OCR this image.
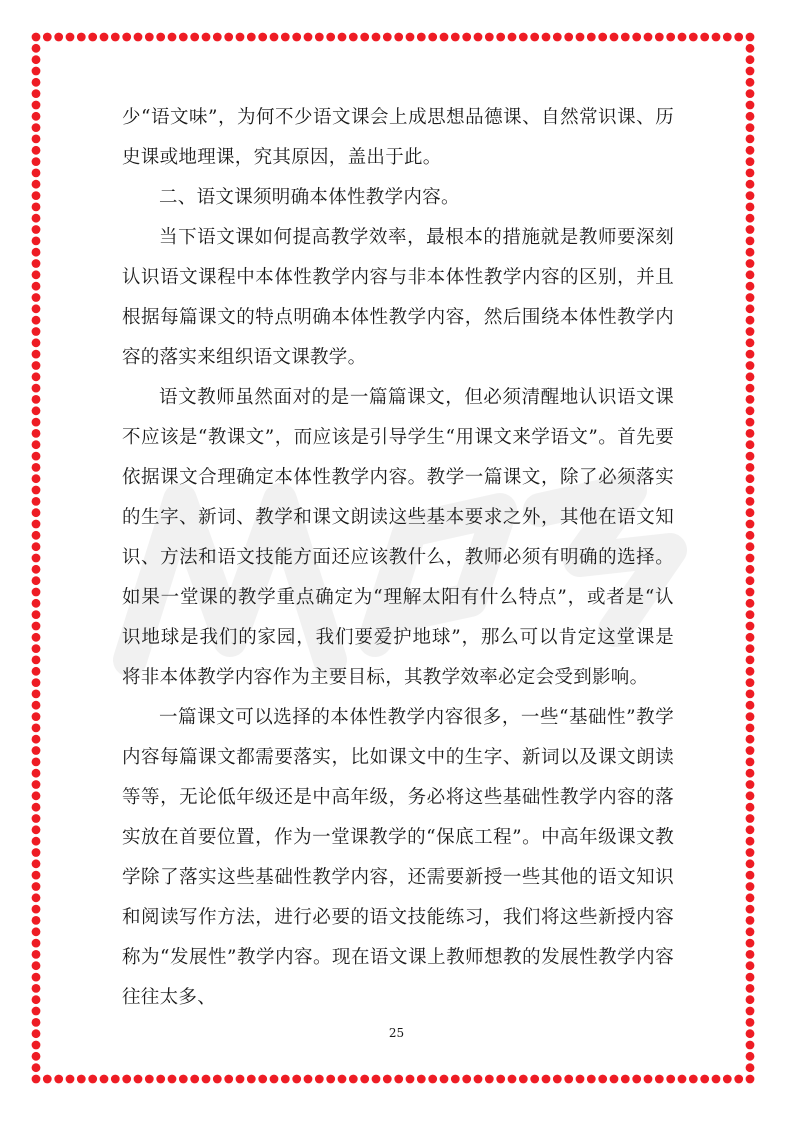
少“语文味”，为何不少语文课会上成思想品德课、自然常识课、历史课或地理课，究其原因，盖出于此。

二、语文课须明确本体性教学内容。

当下语文课如何提高教学效率，最根本的措施就是教师要深刻认识语文课程中本体性教学内容与非本体性教学内容的区别，并且根据每篇课文的特点明确本体性教学内容，然后围绕本体性教学内容的落实来组织语文课教学。

语文教师虽然面对的是一篇篇课文，但必须清醒地认识语文课不应该是“教课文”，而应该是引导学生“用课文来学语文”。首先要依据课文合理确定本体性教学内容。教学一篇课文，除了必须落实的生字、新词、教学和课文朗读这些基本要求之外，其他在语文知识、方法和语文技能方面还应该教什么，教师必须有明确的选择。如果一堂课的教学重点确定为“理解太阳有什么特点”，或者是“认识地球是我们的家园，我们要爱护地球”，那么可以肯定这堂课是将非本体教学内容作为主要目标，其教学效率必定会受到影响。

一篇课文可以选择的本体性教学内容很多，一些“基础性”教学内容每篇课文都需要落实，比如课文中的生字、新词以及课文朗读等等，无论低年级还是中高年级，务必将这些基础性教学内容的落实放在首要位置，作为一堂课教学的“保底工程”。中高年级课文教学除了落实这些基础性教学内容，还需要新授一些其他的语文知识和阅读写作方法，进行必要的语文技能练习，我们将这些新授内容称为“发展性”教学内容。现在语文课上教师想教的发展性教学内容往往太多、

25
